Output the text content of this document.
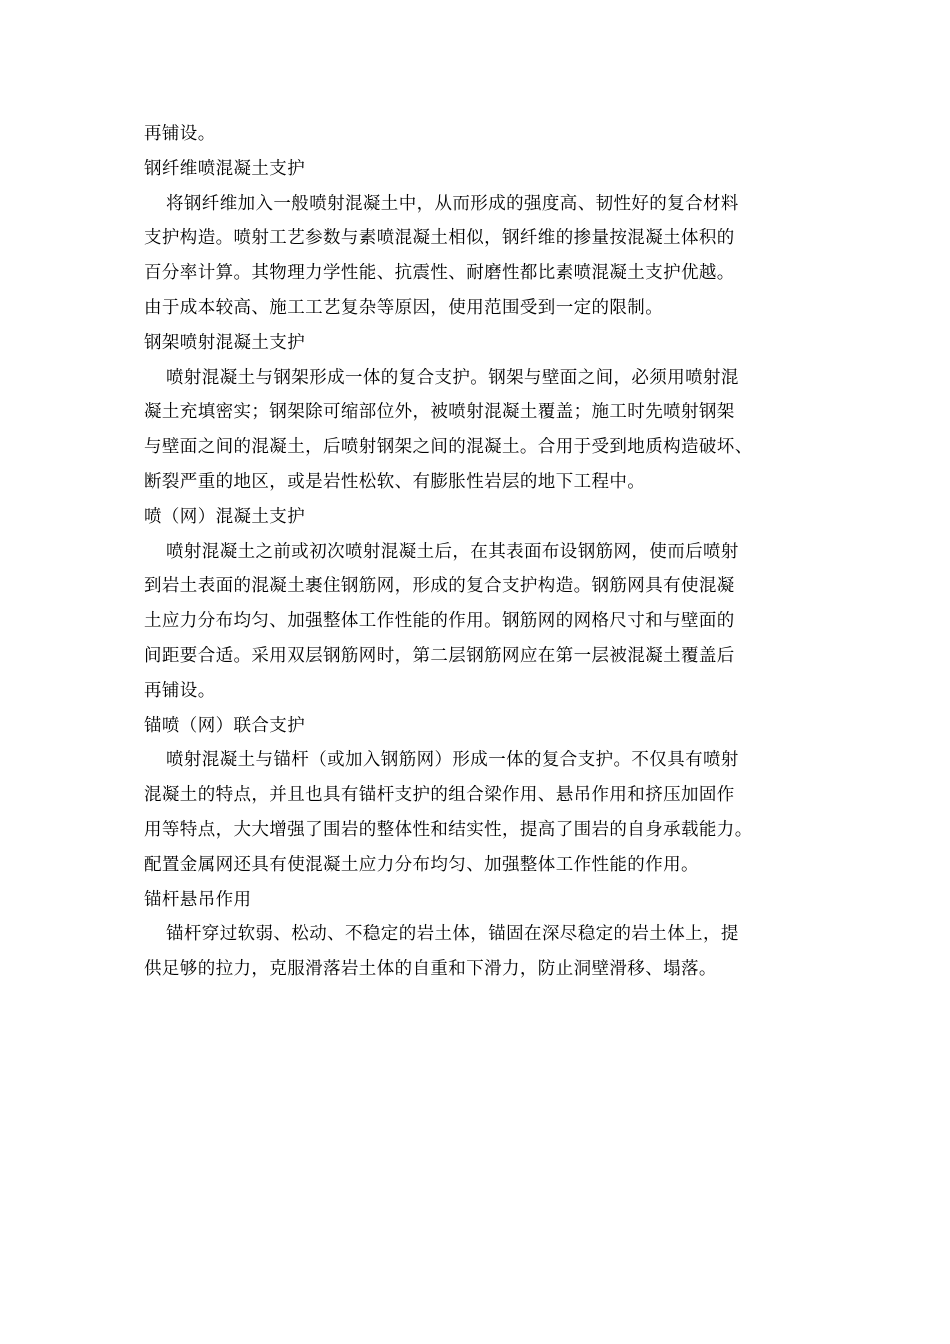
再铺设。
钢纤维喷混凝土支护
将钢纤维加入一般喷射混凝土中，从而形成的强度高、韧性好的复合材料
支护构造。喷射工艺参数与素喷混凝土相似，钢纤维的掺量按混凝土体积的
百分率计算。其物理力学性能、抗震性、耐磨性都比素喷混凝土支护优越。
由于成本较高、施工工艺复杂等原因，使用范围受到一定的限制。
钢架喷射混凝土支护
喷射混凝土与钢架形成一体的复合支护。钢架与壁面之间，必须用喷射混
凝土充填密实；钢架除可缩部位外，被喷射混凝土覆盖；施工时先喷射钢架
与壁面之间的混凝土，后喷射钢架之间的混凝土。合用于受到地质构造破坏、
断裂严重的地区，或是岩性松软、有膨胀性岩层的地下工程中。
喷（网）混凝土支护
喷射混凝土之前或初次喷射混凝土后，在其表面布设钢筋网，使而后喷射
到岩土表面的混凝土裹住钢筋网，形成的复合支护构造。钢筋网具有使混凝
土应力分布均匀、加强整体工作性能的作用。钢筋网的网格尺寸和与壁面的
间距要合适。采用双层钢筋网时，第二层钢筋网应在第一层被混凝土覆盖后
再铺设。
锚喷（网）联合支护
喷射混凝土与锚杆（或加入钢筋网）形成一体的复合支护。不仅具有喷射
混凝土的特点，并且也具有锚杆支护的组合梁作用、悬吊作用和挤压加固作
用等特点，大大增强了围岩的整体性和结实性，提高了围岩的自身承载能力。
配置金属网还具有使混凝土应力分布均匀、加强整体工作性能的作用。
锚杆悬吊作用
锚杆穿过软弱、松动、不稳定的岩土体，锚固在深尽稳定的岩土体上，提
供足够的拉力，克服滑落岩土体的自重和下滑力，防止洞壁滑移、塌落。
